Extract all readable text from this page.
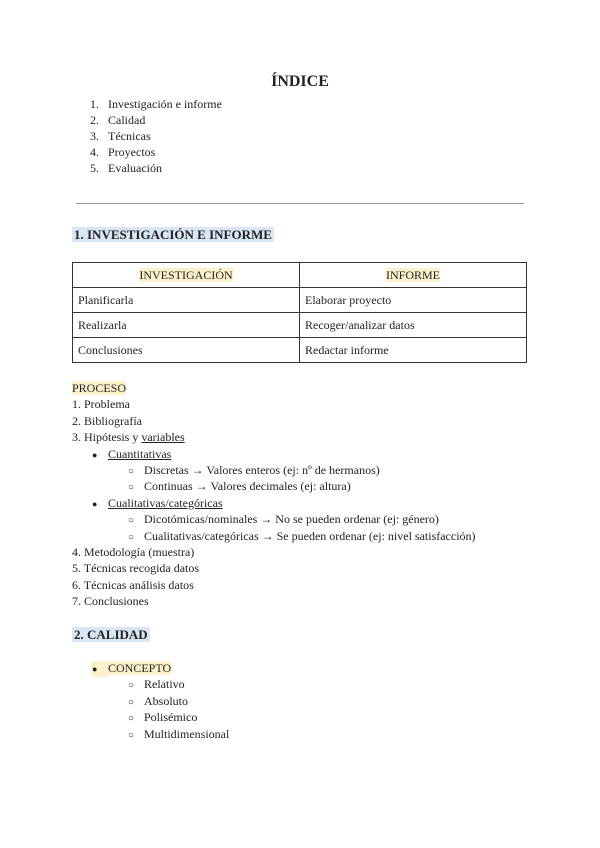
ÍNDICE
1. Investigación e informe
2. Calidad
3. Técnicas
4. Proyectos
5. Evaluación
1. INVESTIGACIÓN E INFORME
INVESTIGACIÓN	INFORME
Planificarla	Elaborar proyecto
Realizarla	Recoger/analizar datos
Conclusiones	Redactar informe
PROCESO
1. Problema
2. Bibliografía
3. Hipótesis y variables
● Cuantitativas
○ Discretas → Valores enteros (ej: nº de hermanos)
○ Continuas → Valores decimales (ej: altura)
● Cualitativas/categóricas
○ Dicotómicas/nominales → No se pueden ordenar (ej: género)
○ Cualitativas/categóricas → Se pueden ordenar (ej: nivel satisfacción)
4. Metodología (muestra)
5. Técnicas recogida datos
6. Técnicas análisis datos
7. Conclusiones
2. CALIDAD
● CONCEPTO
○ Relativo
○ Absoluto
○ Polisémico
○ Multidimensional
